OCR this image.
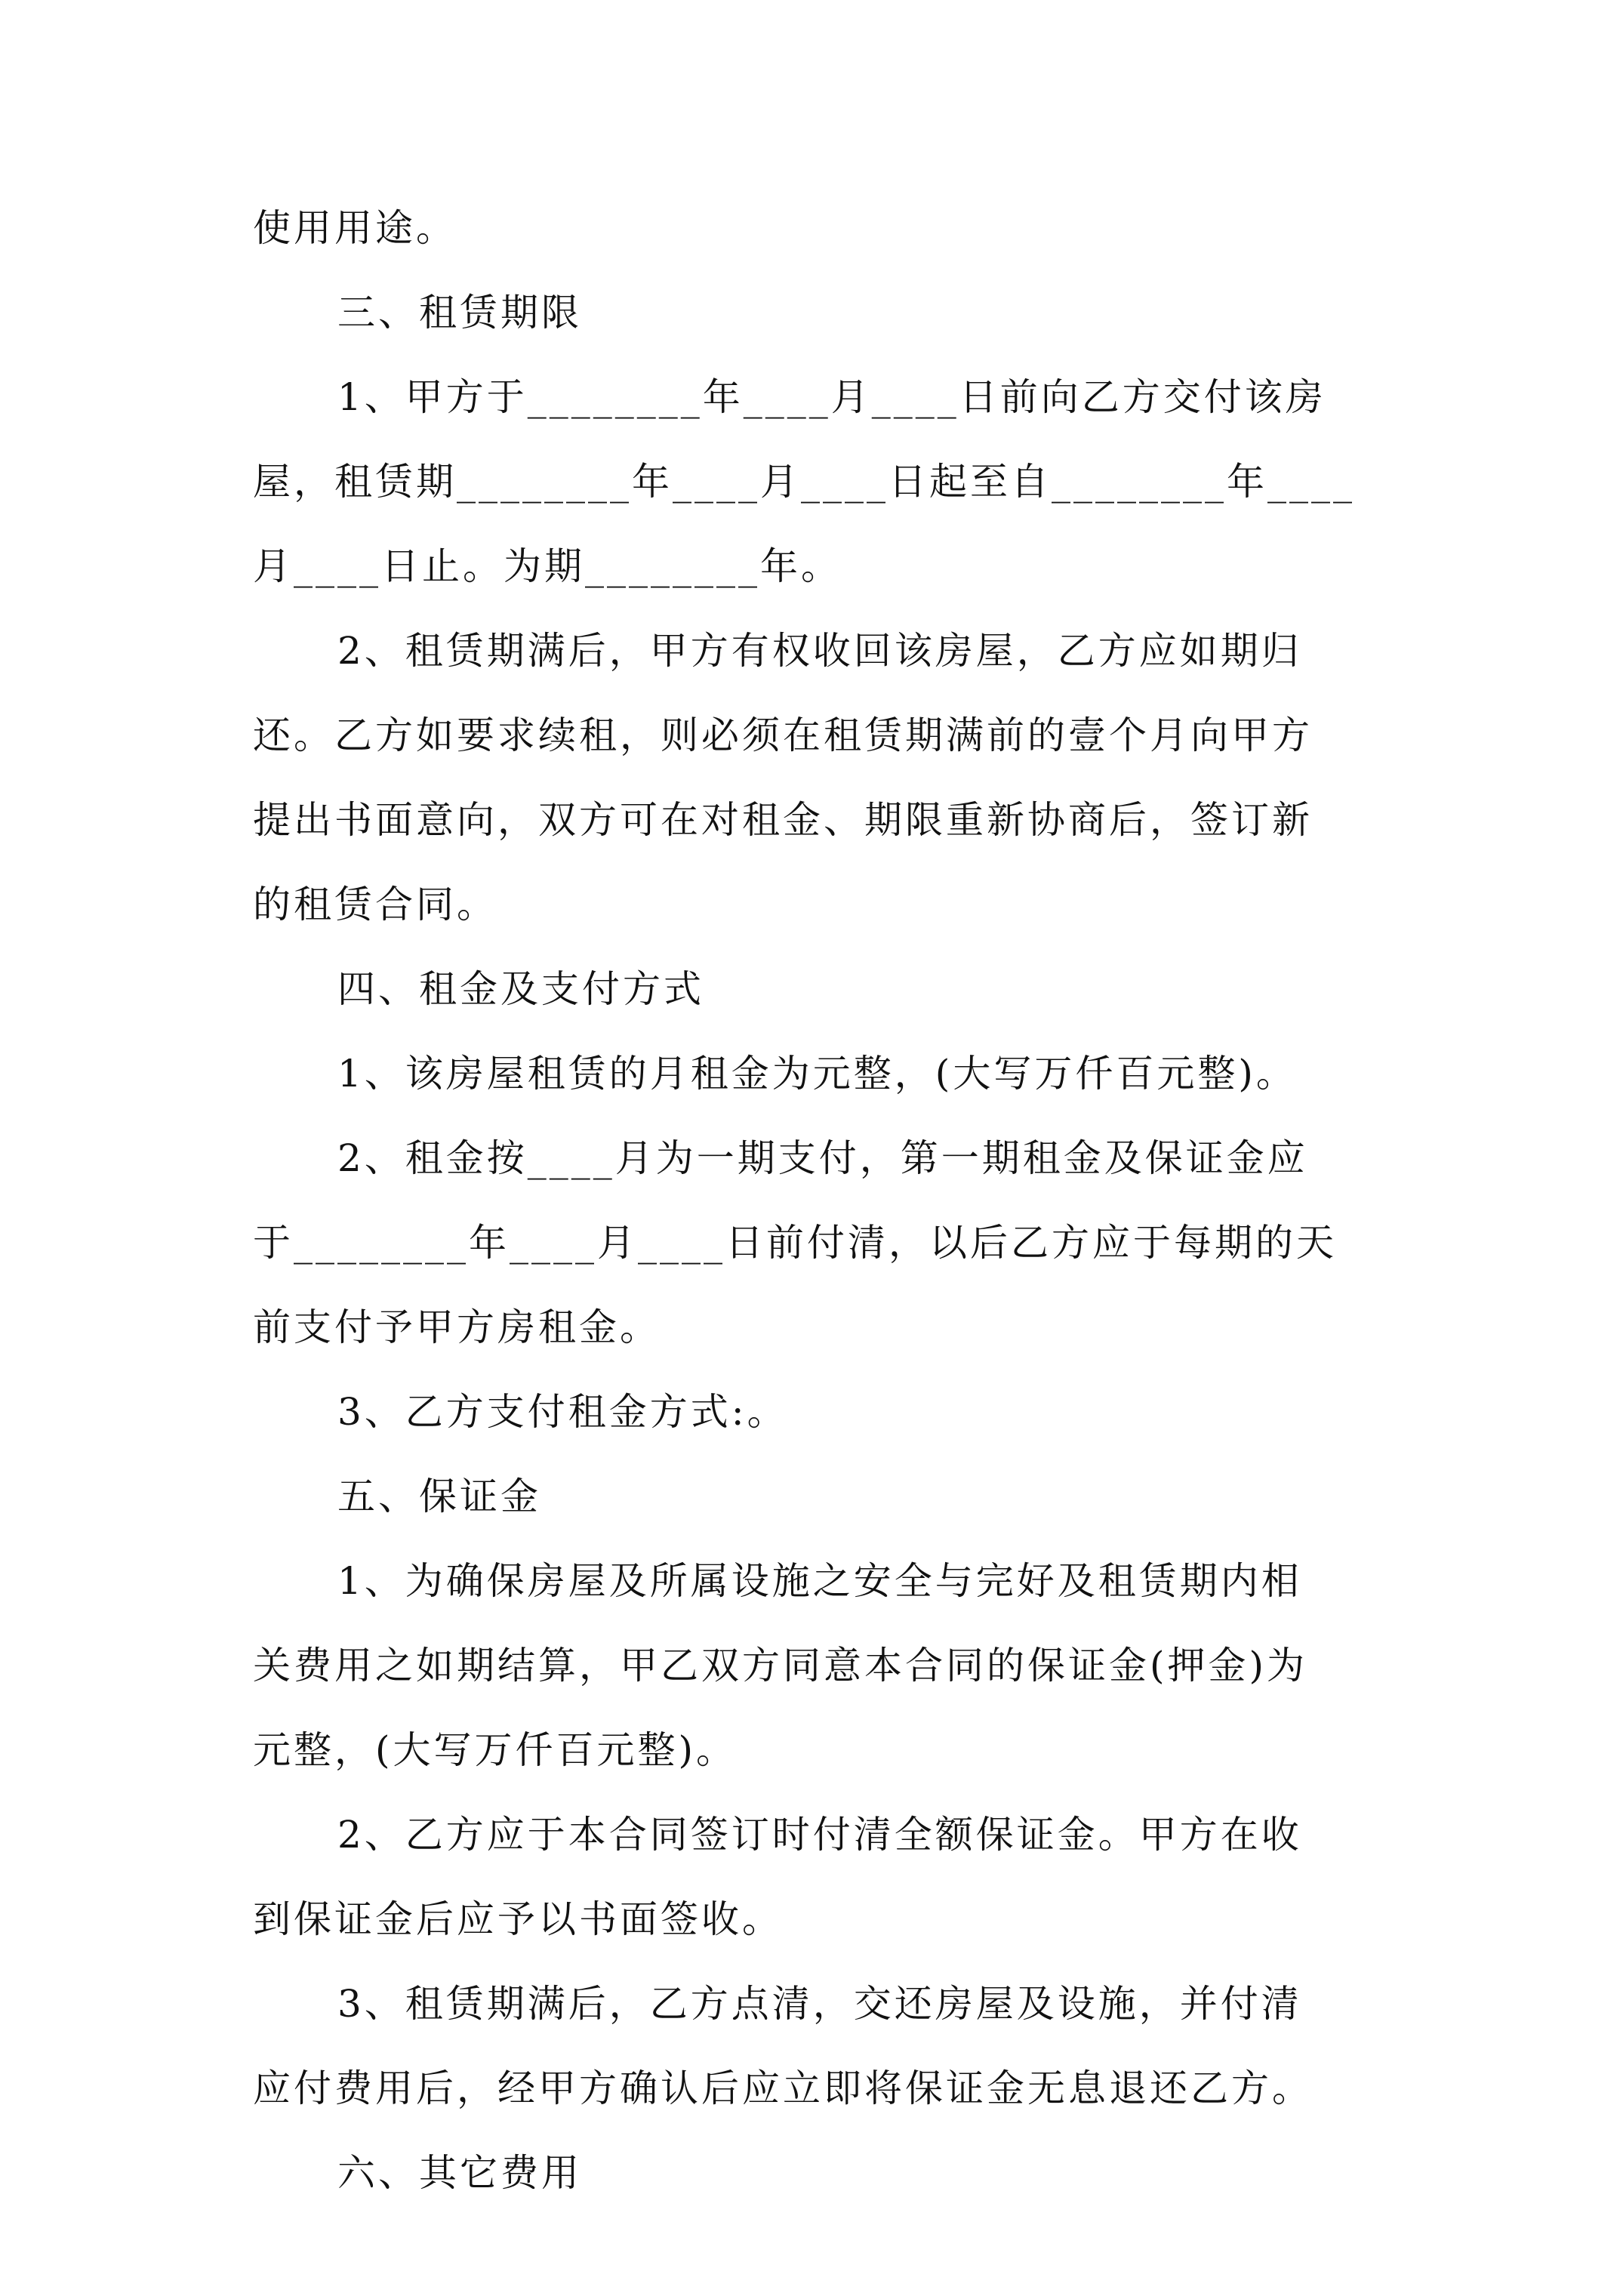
使用用途。
三、租赁期限
1、甲方于________年____月____日前向乙方交付该房
屋，租赁期________年____月____日起至自________年____
月____日止。为期________年。
2、租赁期满后，甲方有权收回该房屋，乙方应如期归
还。乙方如要求续租，则必须在租赁期满前的壹个月向甲方
提出书面意向，双方可在对租金、期限重新协商后，签订新
的租赁合同。
四、租金及支付方式
1、该房屋租赁的月租金为元整，(大写万仟百元整)。
2、租金按____月为一期支付，第一期租金及保证金应
于________年____月____日前付清，以后乙方应于每期的天
前支付予甲方房租金。
3、乙方支付租金方式:。
五、保证金
1、为确保房屋及所属设施之安全与完好及租赁期内相
关费用之如期结算，甲乙双方同意本合同的保证金(押金)为
元整，(大写万仟百元整)。
2、乙方应于本合同签订时付清全额保证金。甲方在收
到保证金后应予以书面签收。
3、租赁期满后，乙方点清，交还房屋及设施，并付清
应付费用后，经甲方确认后应立即将保证金无息退还乙方。
六、其它费用
